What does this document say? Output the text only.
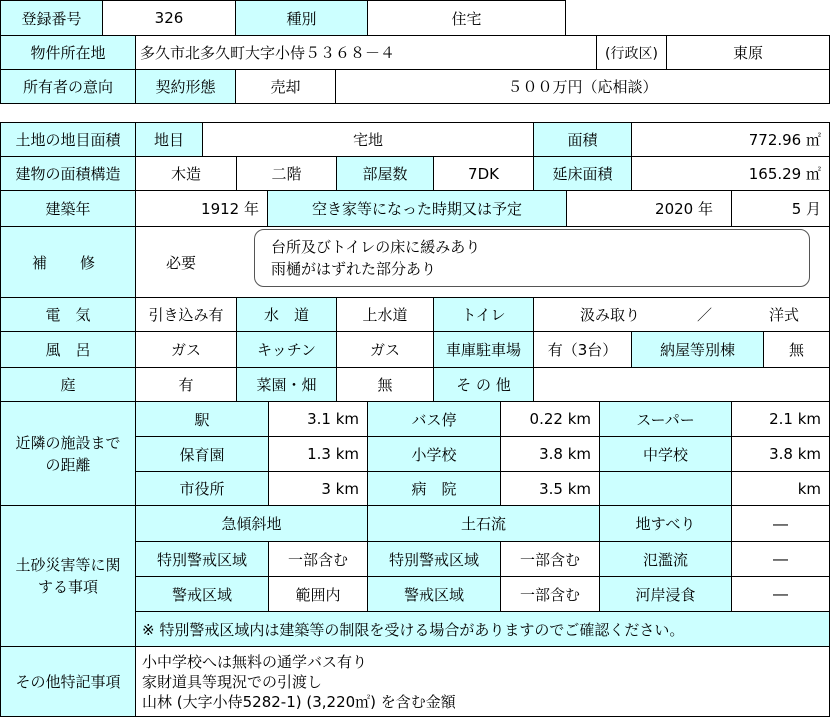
登録番号	326	種別	住宅
物件所在地	多久市北多久町大字小侍５３６８－４	(行政区)	東原
所有者の意向	契約形態	売却	５００万円（応相談）
土地の地目面積	地目	宅地	面積	772.96 ㎡
建物の面積構造	木造	二階	部屋数	7DK	延床面積	165.29 ㎡
建築年	1912 年	空き家等になった時期又は予定	2020 年	5 月
補　修	必要
台所及びトイレの床に緩みあり
雨樋がはずれた部分あり
電　気	引き込み有	水　道	上水道	トイレ	汲み取り	／	洋式
風　呂	ガス	キッチン	ガス	車庫駐車場	有（3台）	納屋等別棟	無
庭	有	菜園・畑	無	そ の 他
近隣の施設まで
の距離
駅	3.1 km	バス停	0.22 km	スーパー	2.1 km
保育園	1.3 km	小学校	3.8 km	中学校	3.8 km
市役所	3 km	病　院	3.5 km	km
土砂災害等に関
する事項
急傾斜地	土石流	地すべり	―
特別警戒区域	一部含む	特別警戒区域	一部含む	氾濫流	―
警戒区域	範囲内	警戒区域	一部含む	河岸浸食	―
※ 特別警戒区域内は建築等の制限を受ける場合がありますのでご確認ください。
その他特記事項
小中学校へは無料の通学バス有り
家財道具等現況での引渡し
山林 (大字小侍5282-1) (3,220㎡) を含む金額
